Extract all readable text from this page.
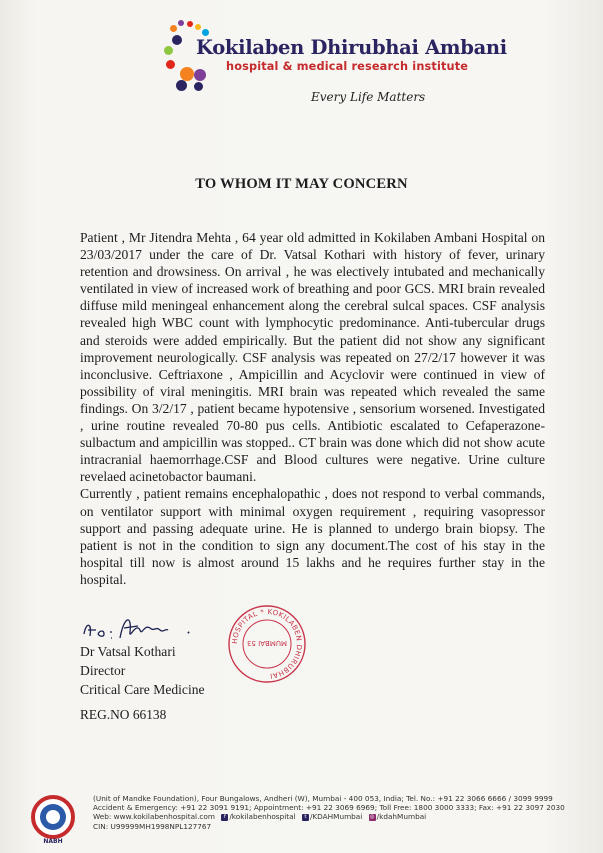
Kokilaben Dhirubhai Ambani
hospital & medical research institute
Every Life Matters
TO WHOM IT MAY CONCERN

Patient , Mr Jitendra Mehta , 64 year old admitted in Kokilaben Ambani Hospital on 23/03/2017 under the care of Dr. Vatsal Kothari with history of fever, urinary retention and drowsiness. On arrival , he was electively intubated and mechanically ventilated in view of increased work of breathing and poor GCS. MRI brain revealed diffuse mild meningeal enhancement along the cerebral sulcal spaces. CSF analysis revealed high WBC count with lymphocytic predominance. Anti-tubercular drugs and steroids were added empirically. But the patient did not show any significant improvement neurologically. CSF analysis was repeated on 27/2/17 however it was inconclusive. Ceftriaxone , Ampicillin and Acyclovir were continued in view of possibility of viral meningitis. MRI brain was repeated which revealed the same findings. On 3/2/17 , patient became hypotensive , sensorium worsened. Investigated , urine routine revealed 70-80 pus cells. Antibiotic escalated to Cefaperazone-sulbactum and ampicillin was stopped.. CT brain was done which did not show acute intracranial haemorrhage.CSF and Blood cultures were negative. Urine culture revelaed acinetobactor baumani.

Currently , patient remains encephalopathic , does not respond to verbal commands, on ventilator support with minimal oxygen requirement , requiring vasopressor support and passing adequate urine. He is planned to undergo brain biopsy. The patient is not in the condition to sign any document.The cost of his stay in the hospital till now is almost around 15 lakhs and he requires further stay in the hospital.

Dr Vatsal Kothari
Director
Critical Care Medicine
REG.NO 66138
HOSPITAL * KOKILABEN DHIRUBHAI
MUMBAI 53
NABH
(Unit of Mandke Foundation), Four Bungalows, Andheri (W), Mumbai - 400 053, India; Tel. No.: +91 22 3066 6666 / 3099 9999
Accident & Emergency: +91 22 3091 9191; Appointment: +91 22 3069 6969; Toll Free: 1800 3000 3333; Fax: +91 22 3097 2030
Web: www.kokilabenhospital.com f /kokilabenhospital t /KDAHMumbai ◎ /kdahMumbai
CIN: U99999MH1998NPL127767
